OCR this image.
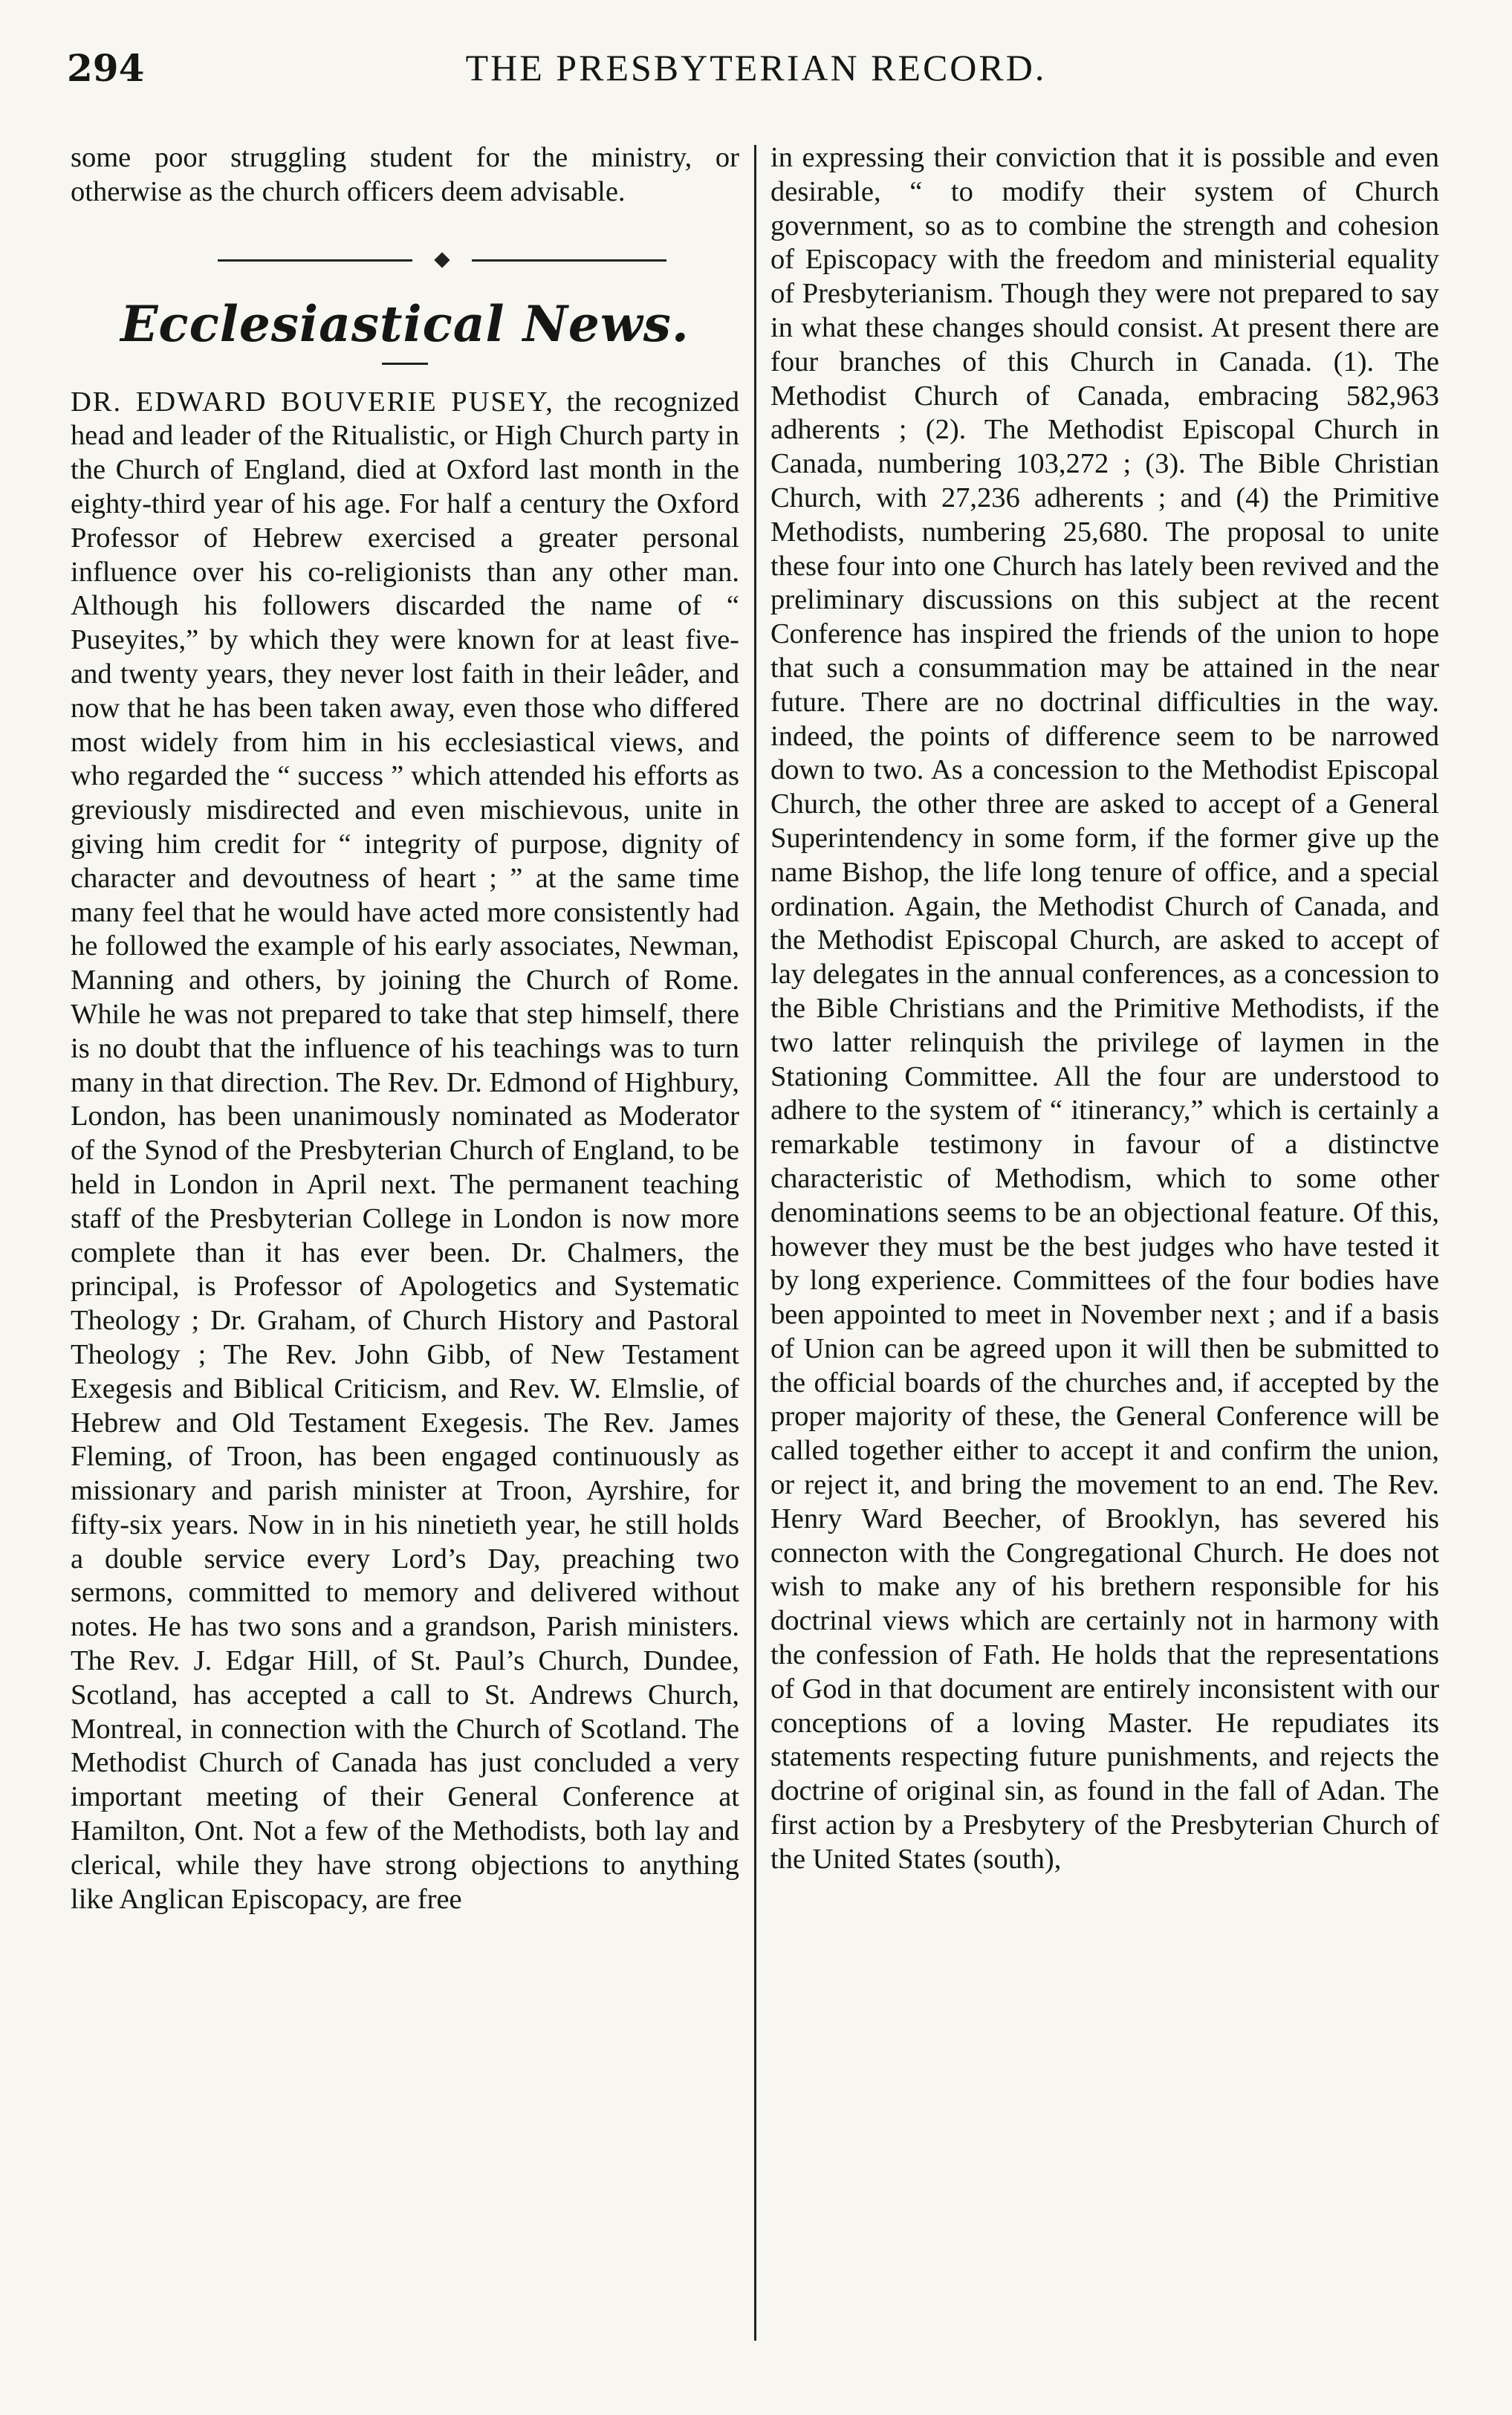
THE PRESBYTERIAN RECORD.
294

some poor struggling student for the ministry, or otherwise as the church officers deem advisable.

Ecclesiastical News.

DR. EDWARD BOUVERIE PUSEY, the recognized head and leader of the Ritualistic, or High Church party in the Church of England, died at Oxford last month in the eighty-third year of his age. For half a century the Oxford Professor of Hebrew exercised a greater personal influence over his co-religionists than any other man. Although his followers discarded the name of “ Puseyites,” by which they were known for at least five-and twenty years, they never lost faith in their leâder, and now that he has been taken away, even those who differed most widely from him in his ecclesiastical views, and who regarded the “ success ” which attended his efforts as greviously misdirected and even mischievous, unite in giving him credit for “ integrity of purpose, dignity of character and devoutness of heart ; ” at the same time many feel that he would have acted more consistently had he followed the example of his early associates, Newman, Manning and others, by joining the Church of Rome. While he was not prepared to take that step himself, there is no doubt that the influence of his teachings was to turn many in that direction. The Rev. Dr. Edmond of Highbury, London, has been unanimously nominated as Moderator of the Synod of the Presbyterian Church of England, to be held in London in April next. The permanent teaching staff of the Presbyterian College in London is now more complete than it has ever been. Dr. Chalmers, the principal, is Professor of Apologetics and Systematic Theology ; Dr. Graham, of Church History and Pastoral Theology ; The Rev. John Gibb, of New Testament Exegesis and Biblical Criticism, and Rev. W. Elmslie, of Hebrew and Old Testament Exegesis. The Rev. James Fleming, of Troon, has been engaged continuously as missionary and parish minister at Troon, Ayrshire, for fifty-six years. Now in in his ninetieth year, he still holds a double service every Lord’s Day, preaching two sermons, committed to memory and delivered without notes. He has two sons and a grandson, Parish ministers. The Rev. J. Edgar Hill, of St. Paul’s Church, Dundee, Scotland, has accepted a call to St. Andrews Church, Montreal, in connection with the Church of Scotland. The Methodist Church of Canada has just concluded a very important meeting of their General Conference at Hamilton, Ont. Not a few of the Methodists, both lay and clerical, while they have strong objections to anything like Anglican Episcopacy, are free

in expressing their conviction that it is possible and even desirable, “ to modify their system of Church government, so as to combine the strength and cohesion of Episcopacy with the freedom and ministerial equality of Presbyterianism. Though they were not prepared to say in what these changes should consist. At present there are four branches of this Church in Canada. (1). The Methodist Church of Canada, embracing 582,963 adherents ; (2). The Methodist Episcopal Church in Canada, numbering 103,272 ; (3). The Bible Christian Church, with 27,236 adherents ; and (4) the Primitive Methodists, numbering 25,680. The proposal to unite these four into one Church has lately been revived and the preliminary discussions on this subject at the recent Conference has inspired the friends of the union to hope that such a consummation may be attained in the near future. There are no doctrinal difficulties in the way. indeed, the points of difference seem to be narrowed down to two. As a concession to the Methodist Episcopal Church, the other three are asked to accept of a General Superintendency in some form, if the former give up the name Bishop, the life long tenure of office, and a special ordination. Again, the Methodist Church of Canada, and the Methodist Episcopal Church, are asked to accept of lay delegates in the annual conferences, as a concession to the Bible Christians and the Primitive Methodists, if the two latter relinquish the privilege of laymen in the Stationing Committee. All the four are understood to adhere to the system of “ itinerancy,” which is certainly a remarkable testimony in favour of a distinctve characteristic of Methodism, which to some other denominations seems to be an objectional feature. Of this, however they must be the best judges who have tested it by long experience. Committees of the four bodies have been appointed to meet in November next ; and if a basis of Union can be agreed upon it will then be submitted to the official boards of the churches and, if accepted by the proper majority of these, the General Conference will be called together either to accept it and confirm the union, or reject it, and bring the movement to an end. The Rev. Henry Ward Beecher, of Brooklyn, has severed his connecton with the Congregational Church. He does not wish to make any of his brethern responsible for his doctrinal views which are certainly not in harmony with the confession of Fath. He holds that the representations of God in that document are entirely inconsistent with our conceptions of a loving Master. He repudiates its statements respecting future punishments, and rejects the doctrine of original sin, as found in the fall of Adan. The first action by a Presbytery of the Presbyterian Church of the United States (south),
